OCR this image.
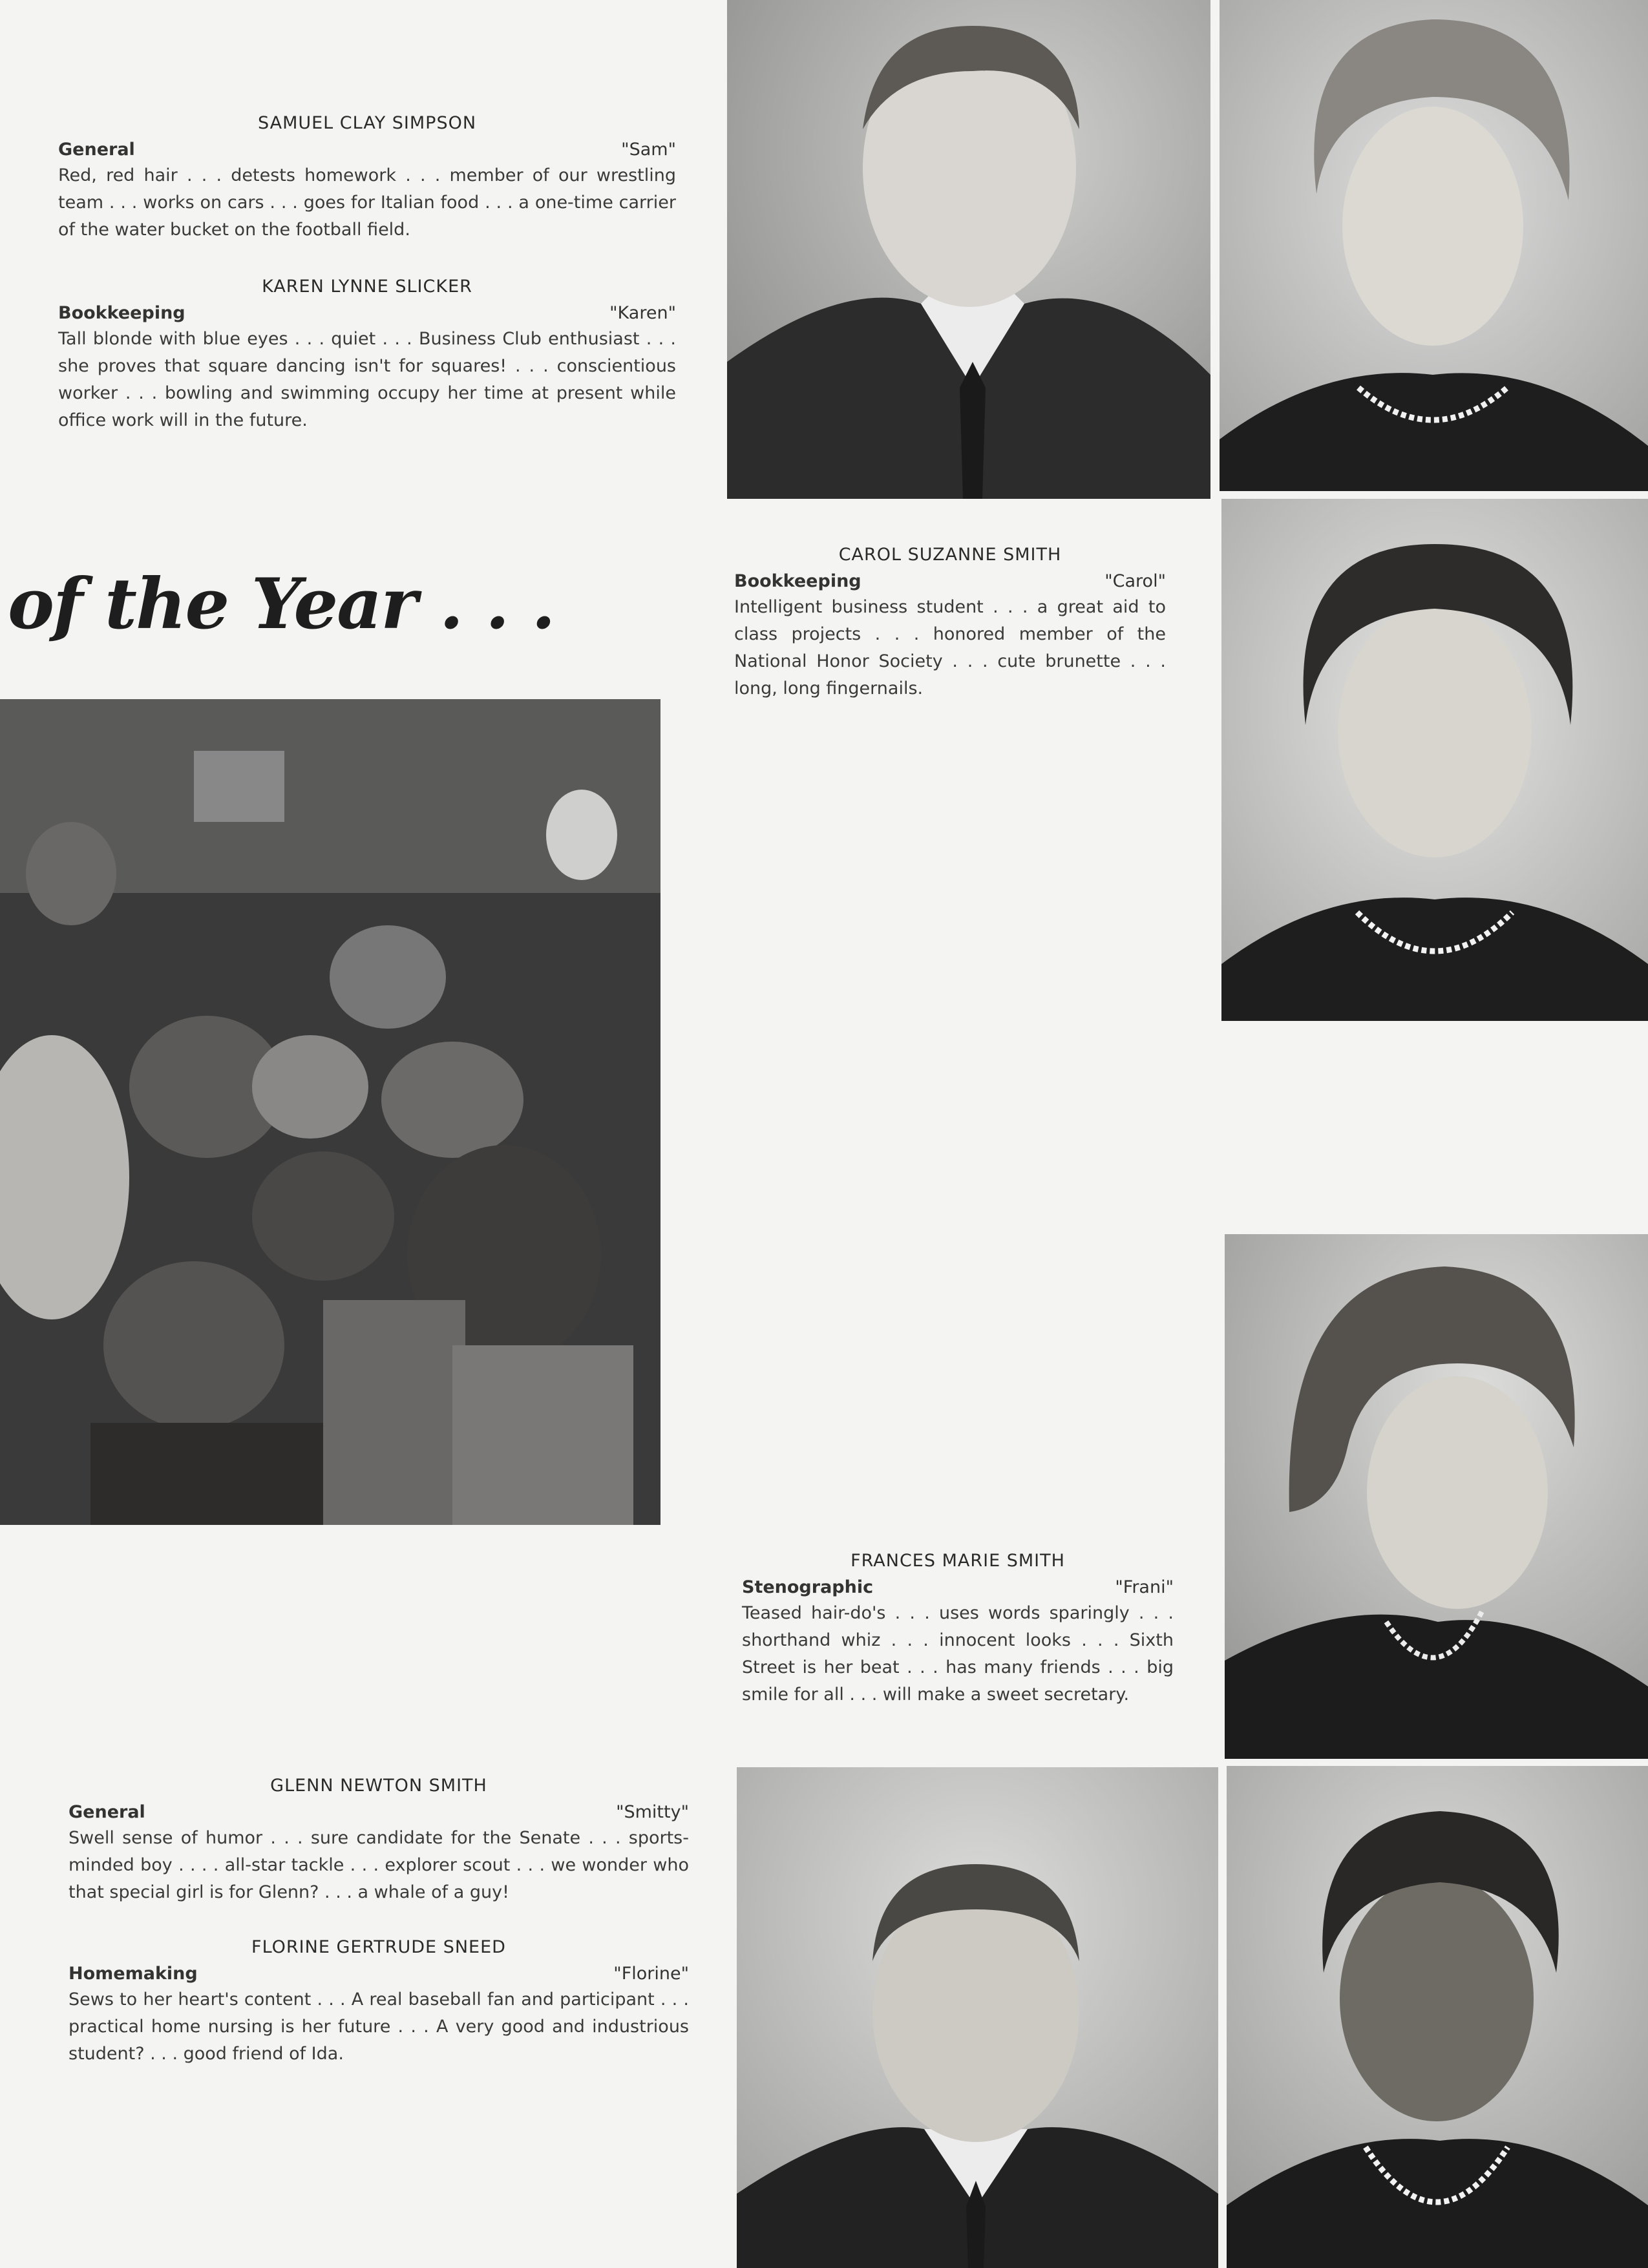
of the Year . . .
SAMUEL CLAY SIMPSON
General	"Sam"
Red, red hair . . . detests homework . . . member of our wrestling team . . . works on cars . . . goes for Italian food . . . a one-time carrier of the water bucket on the football field.
KAREN LYNNE SLICKER
Bookkeeping	"Karen"
Tall blonde with blue eyes . . . quiet . . . Business Club enthusiast . . . she proves that square dancing isn't for squares! . . . conscientious worker . . . bowling and swimming occupy her time at present while office work will in the future.
CAROL SUZANNE SMITH
Bookkeeping	"Carol"
Intelligent business student . . . a great aid to class projects . . . honored member of the National Honor Society . . . cute brunette . . . long, long fingernails.
FRANCES MARIE SMITH
Stenographic	"Frani"
Teased hair-do's . . . uses words sparingly . . . shorthand whiz . . . innocent looks . . . Sixth Street is her beat . . . has many friends . . . big smile for all . . . will make a sweet secretary.
GLENN NEWTON SMITH
General	"Smitty"
Swell sense of humor . . . sure candidate for the Senate . . . sports-minded boy . . . . all-star tackle . . . explorer scout . . . we wonder who that special girl is for Glenn? . . . a whale of a guy!
FLORINE GERTRUDE SNEED
Homemaking	"Florine"
Sews to her heart's content . . . A real baseball fan and participant . . . practical home nursing is her future . . . A very good and industrious student? . . . good friend of Ida.
